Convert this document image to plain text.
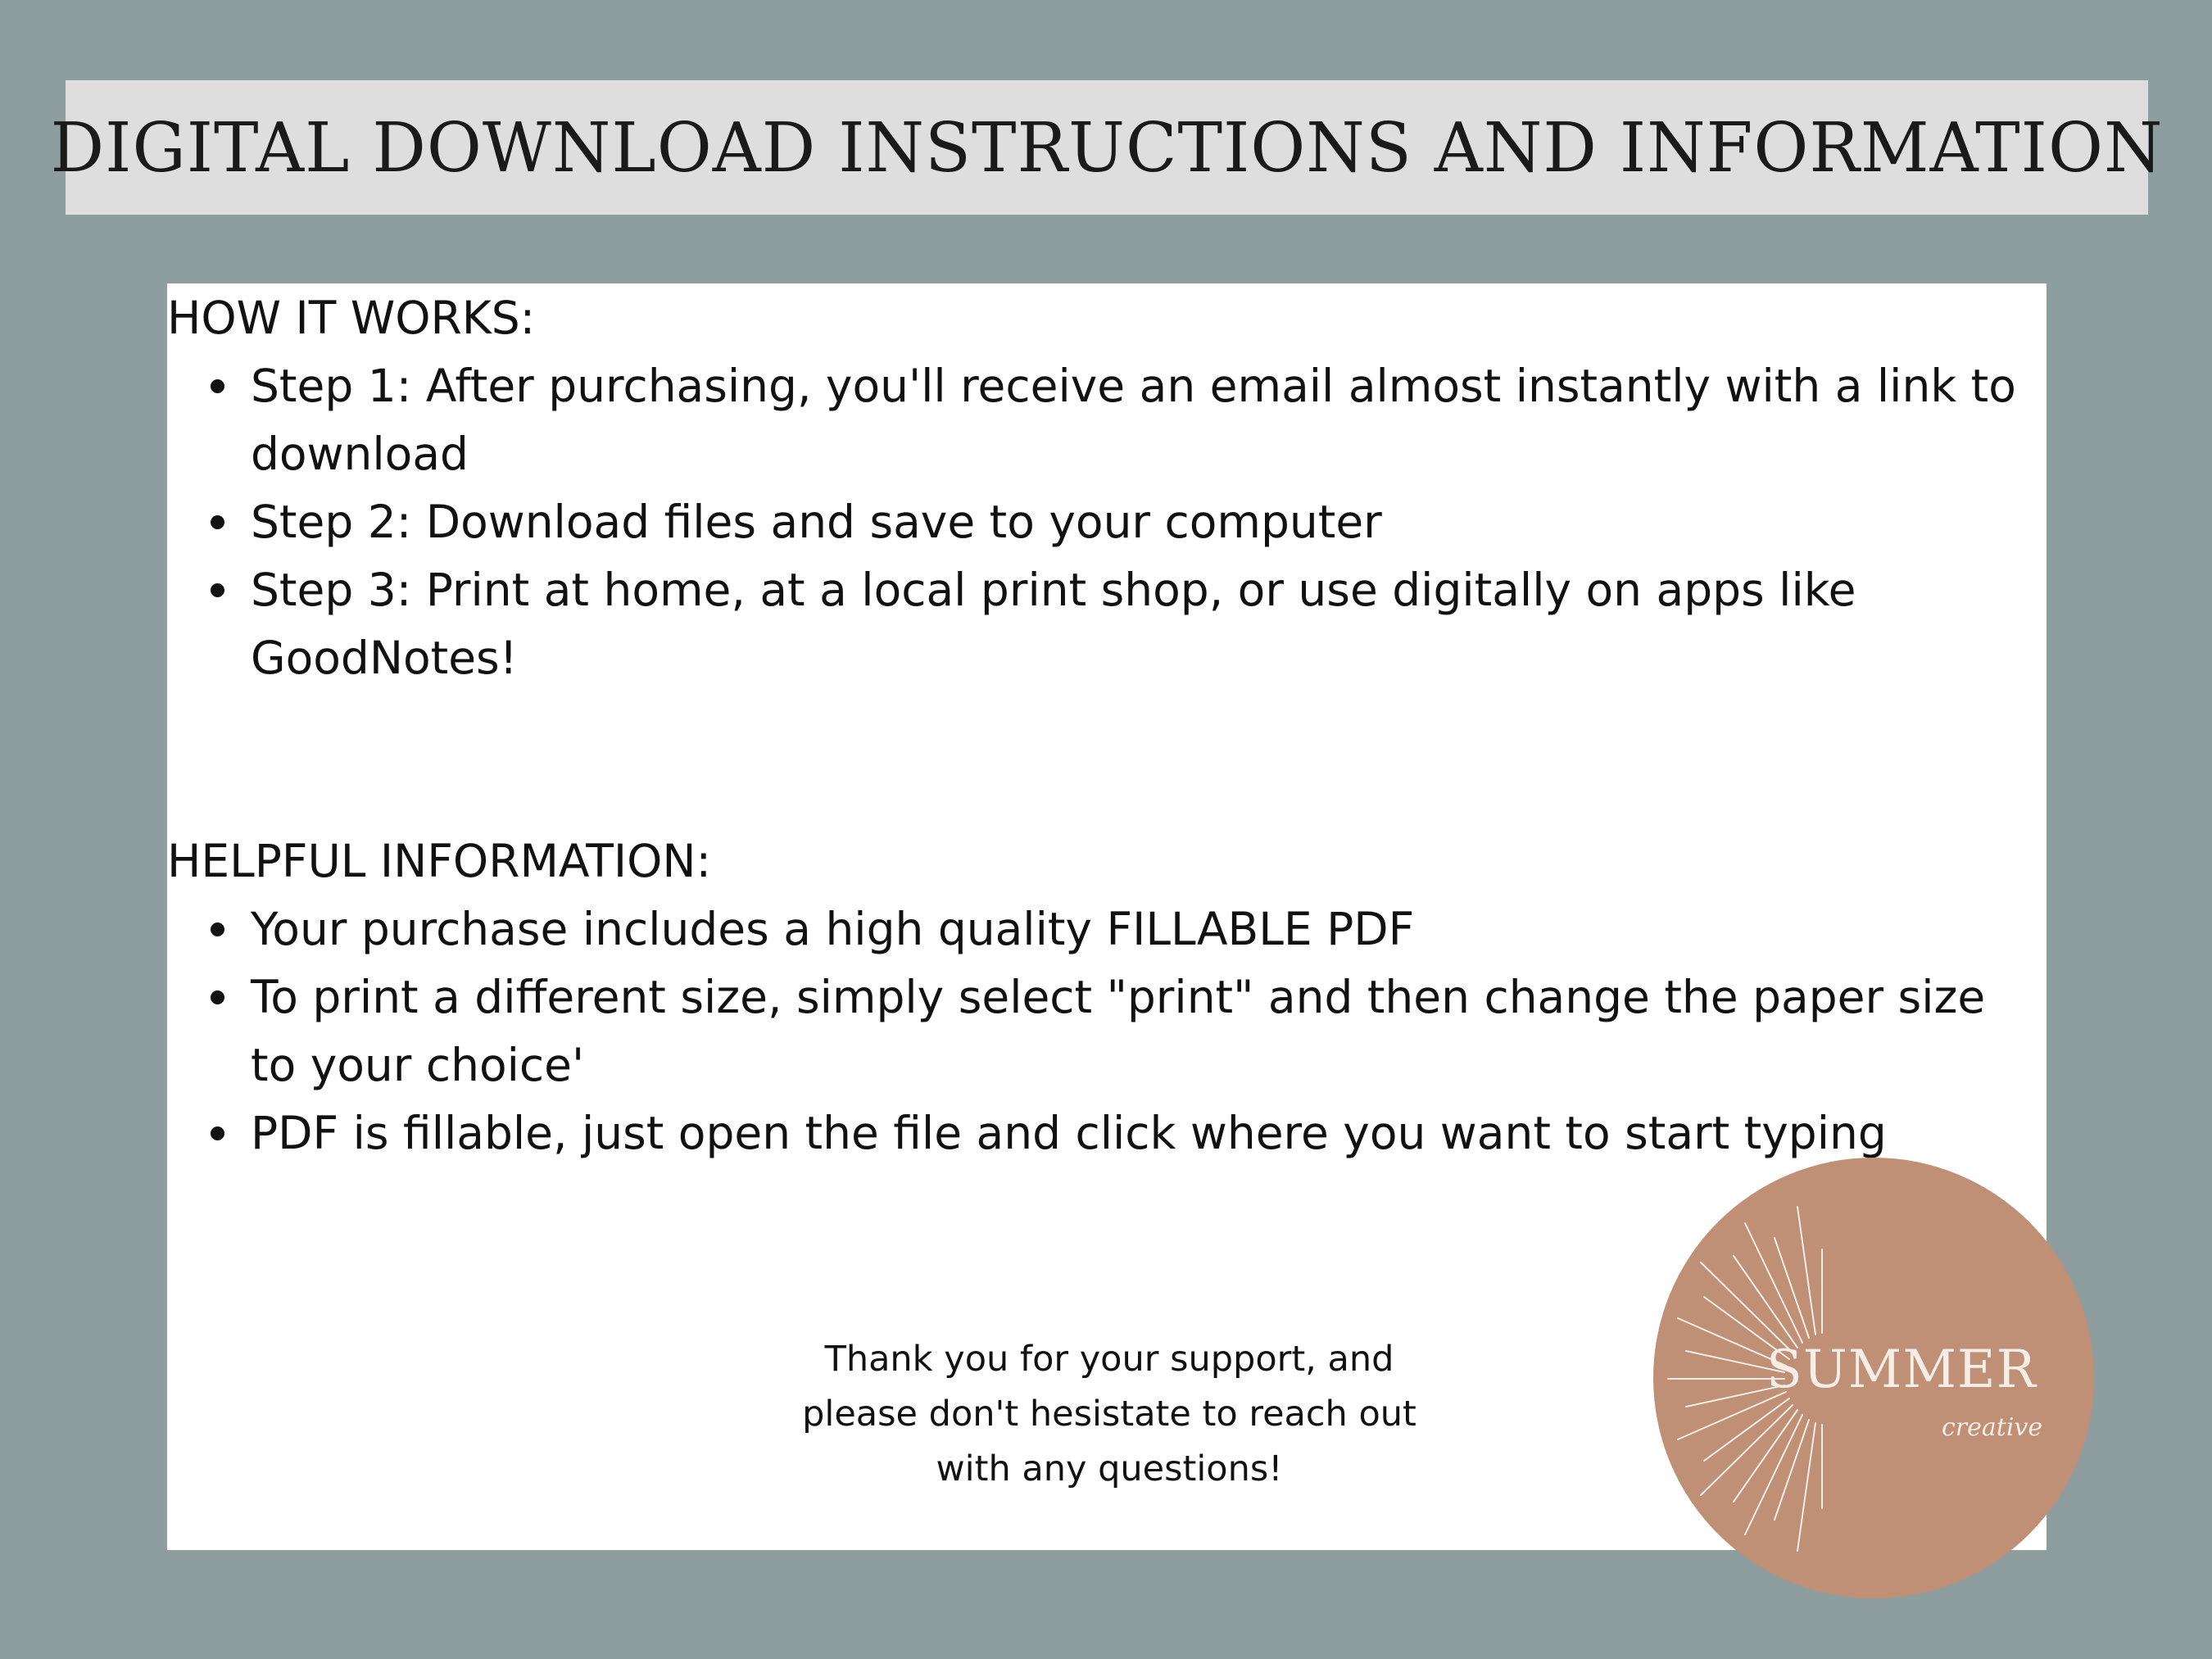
DIGITAL DOWNLOAD INSTRUCTIONS AND INFORMATION
HOW IT WORKS:
Step 1: After purchasing, you'll receive an email almost instantly with a link to download
Step 2: Download files and save to your computer
Step 3: Print at home, at a local print shop, or use digitally on apps like GoodNotes!
HELPFUL INFORMATION:
Your purchase includes a high quality FILLABLE PDF
To print a different size, simply select "print" and then change the paper size to your choice'
PDF is fillable, just open the file and click where you want to start typing
Thank you for your support, and
please don't hesistate to reach out
with any questions!
SUMMER
creative
